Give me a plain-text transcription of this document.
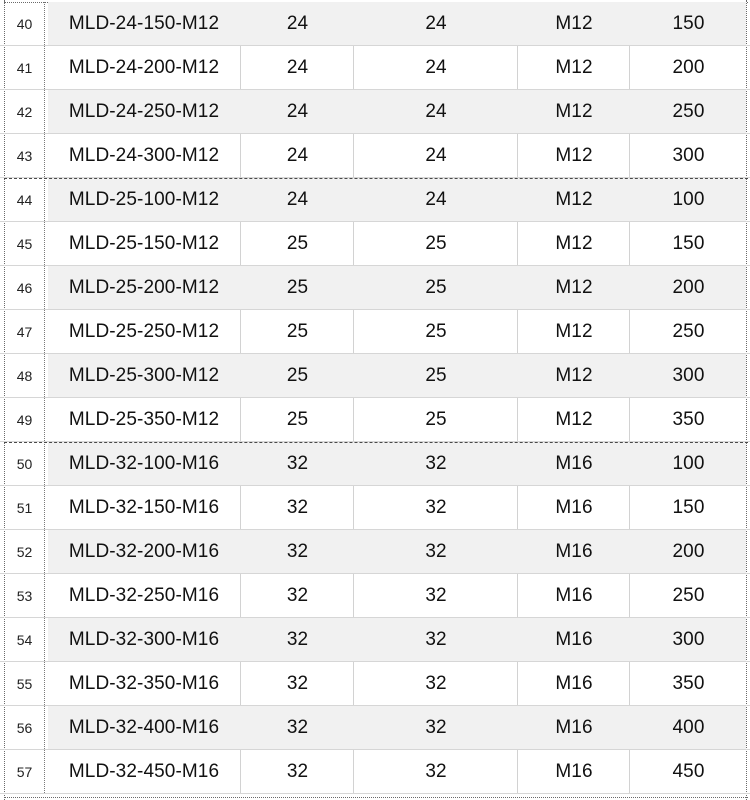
40	MLD-24-150-M12	24	24	M12	150
41	MLD-24-200-M12	24	24	M12	200
42	MLD-24-250-M12	24	24	M12	250
43	MLD-24-300-M12	24	24	M12	300
44	MLD-25-100-M12	24	24	M12	100
45	MLD-25-150-M12	25	25	M12	150
46	MLD-25-200-M12	25	25	M12	200
47	MLD-25-250-M12	25	25	M12	250
48	MLD-25-300-M12	25	25	M12	300
49	MLD-25-350-M12	25	25	M12	350
50	MLD-32-100-M16	32	32	M16	100
51	MLD-32-150-M16	32	32	M16	150
52	MLD-32-200-M16	32	32	M16	200
53	MLD-32-250-M16	32	32	M16	250
54	MLD-32-300-M16	32	32	M16	300
55	MLD-32-350-M16	32	32	M16	350
56	MLD-32-400-M16	32	32	M16	400
57	MLD-32-450-M16	32	32	M16	450
